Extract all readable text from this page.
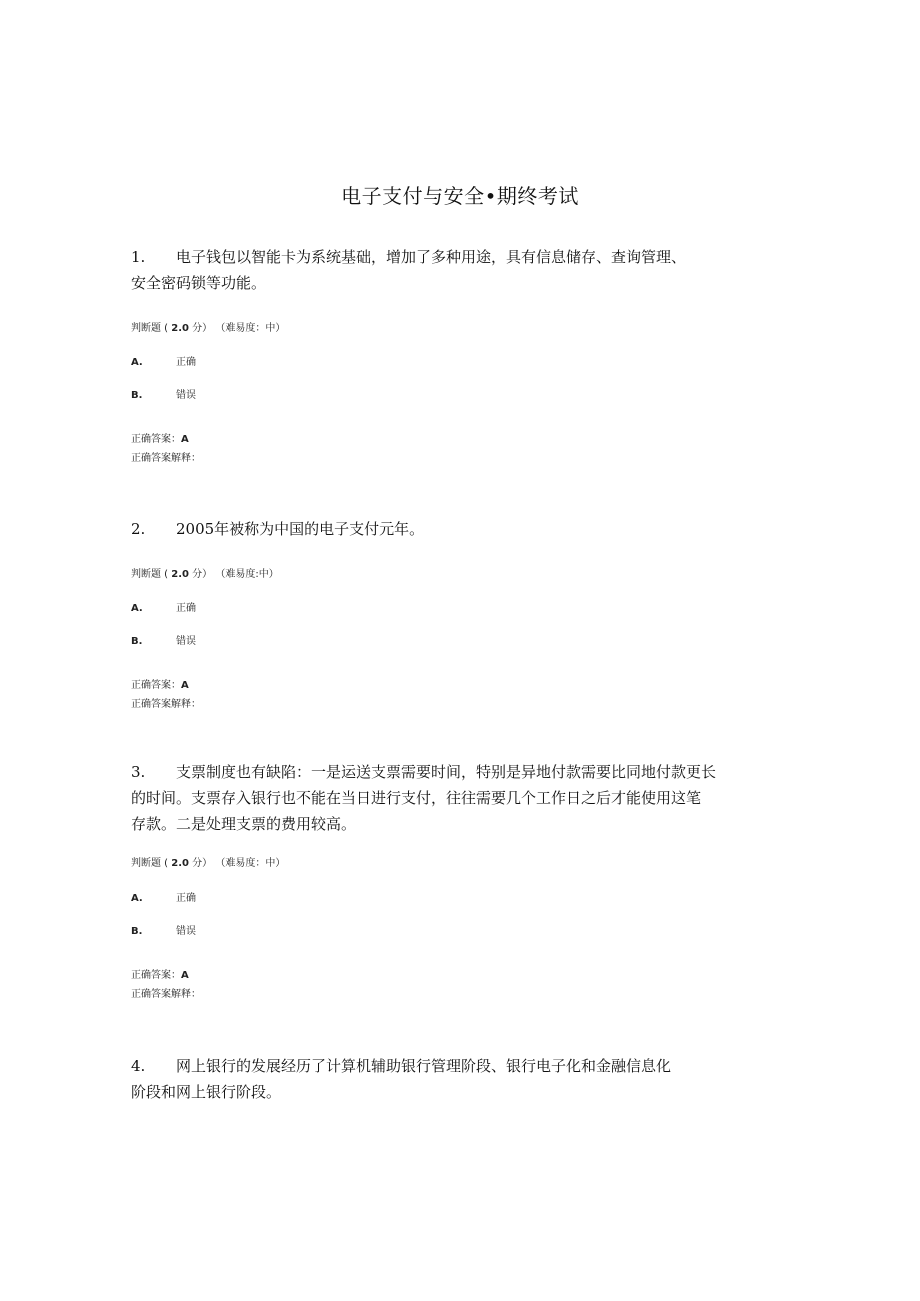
电子支付与安全•期终考试

1. 电子钱包以智能卡为系统基础，增加了多种用途，具有信息储存、查询管理、
安全密码锁等功能。

判断题 ( 2.0 分） （难易度：中）

A.	正确
B.	错误
正确答案：A
正确答案解释：

2. 2005年被称为中国的电子支付元年。

判断题 ( 2.0 分） （难易度:中）

A.	正确
B.	错误
正确答案：A
正确答案解释：

3. 支票制度也有缺陷：一是运送支票需要时间，特别是异地付款需要比同地付款更长
的时间。支票存入银行也不能在当日进行支付，往往需要几个工作日之后才能使用这笔
存款。二是处理支票的费用较高。

判断题 ( 2.0 分） （难易度：中）

A.	正确
B.	错误
正确答案：A
正确答案解释：

4. 网上银行的发展经历了计算机辅助银行管理阶段、银行电子化和金融信息化
阶段和网上银行阶段。
